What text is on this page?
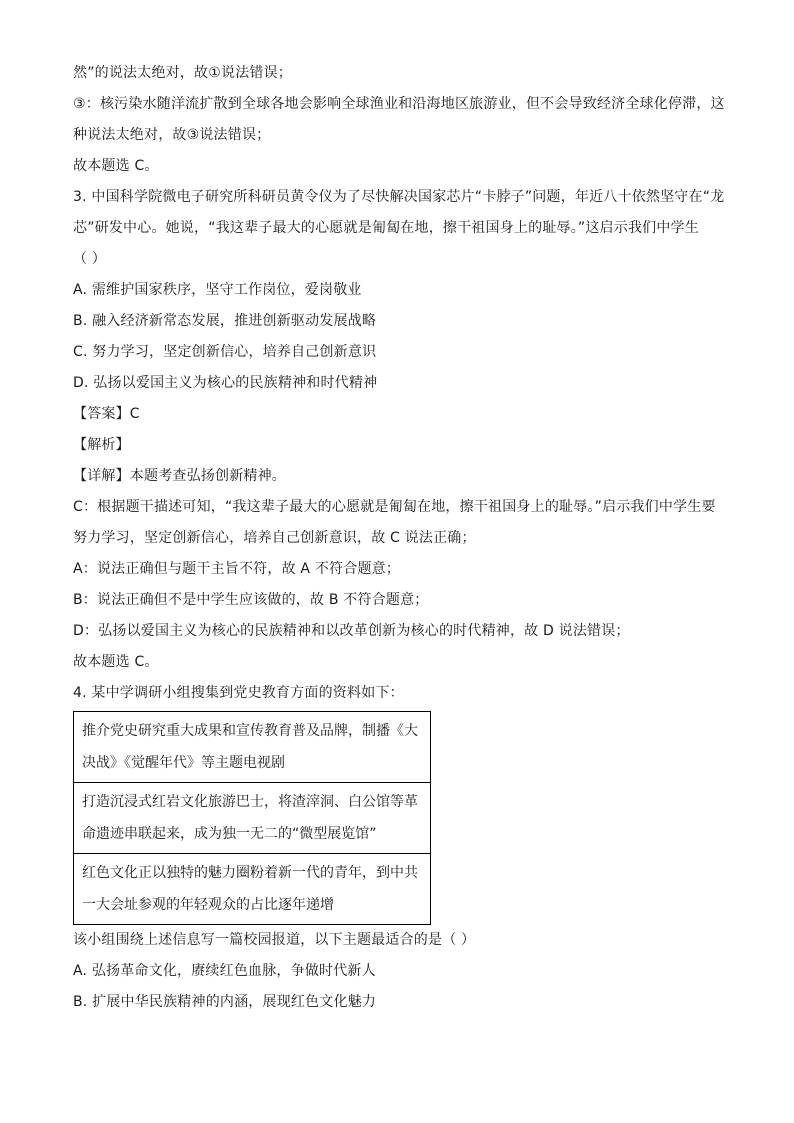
然”的说法太绝对，故①说法错误；
③：核污染水随洋流扩散到全球各地会影响全球渔业和沿海地区旅游业，但不会导致经济全球化停滞，这
种说法太绝对，故③说法错误；
故本题选 C。
3. 中国科学院微电子研究所科研员黄令仪为了尽快解决国家芯片“卡脖子”问题，年近八十依然坚守在“龙
芯”研发中心。她说，“我这辈子最大的心愿就是匍匐在地，擦干祖国身上的耻辱。”这启示我们中学生
（ ）
A. 需维护国家秩序，坚守工作岗位，爱岗敬业
B. 融入经济新常态发展，推进创新驱动发展战略
C. 努力学习，坚定创新信心，培养自己创新意识
D. 弘扬以爱国主义为核心的民族精神和时代精神
【答案】C
【解析】
【详解】本题考查弘扬创新精神。
C：根据题干描述可知，“我这辈子最大的心愿就是匍匐在地，擦干祖国身上的耻辱。”启示我们中学生要
努力学习，坚定创新信心，培养自己创新意识，故 C 说法正确；
A：说法正确但与题干主旨不符，故 A 不符合题意；
B：说法正确但不是中学生应该做的，故 B 不符合题意；
D：弘扬以爱国主义为核心的民族精神和以改革创新为核心的时代精神，故 D 说法错误；
故本题选 C。
4. 某中学调研小组搜集到党史教育方面的资料如下：
推介党史研究重大成果和宣传教育普及品牌，制播《大
决战》《觉醒年代》等主题电视剧

打造沉浸式红岩文化旅游巴士，将渣滓洞、白公馆等革
命遗迹串联起来，成为独一无二的“微型展览馆”

红色文化正以独特的魅力圈粉着新一代的青年，到中共
一大会址参观的年轻观众的占比逐年递增
该小组围绕上述信息写一篇校园报道，以下主题最适合的是（ ）
A. 弘扬革命文化，赓续红色血脉，争做时代新人
B. 扩展中华民族精神的内涵，展现红色文化魅力
